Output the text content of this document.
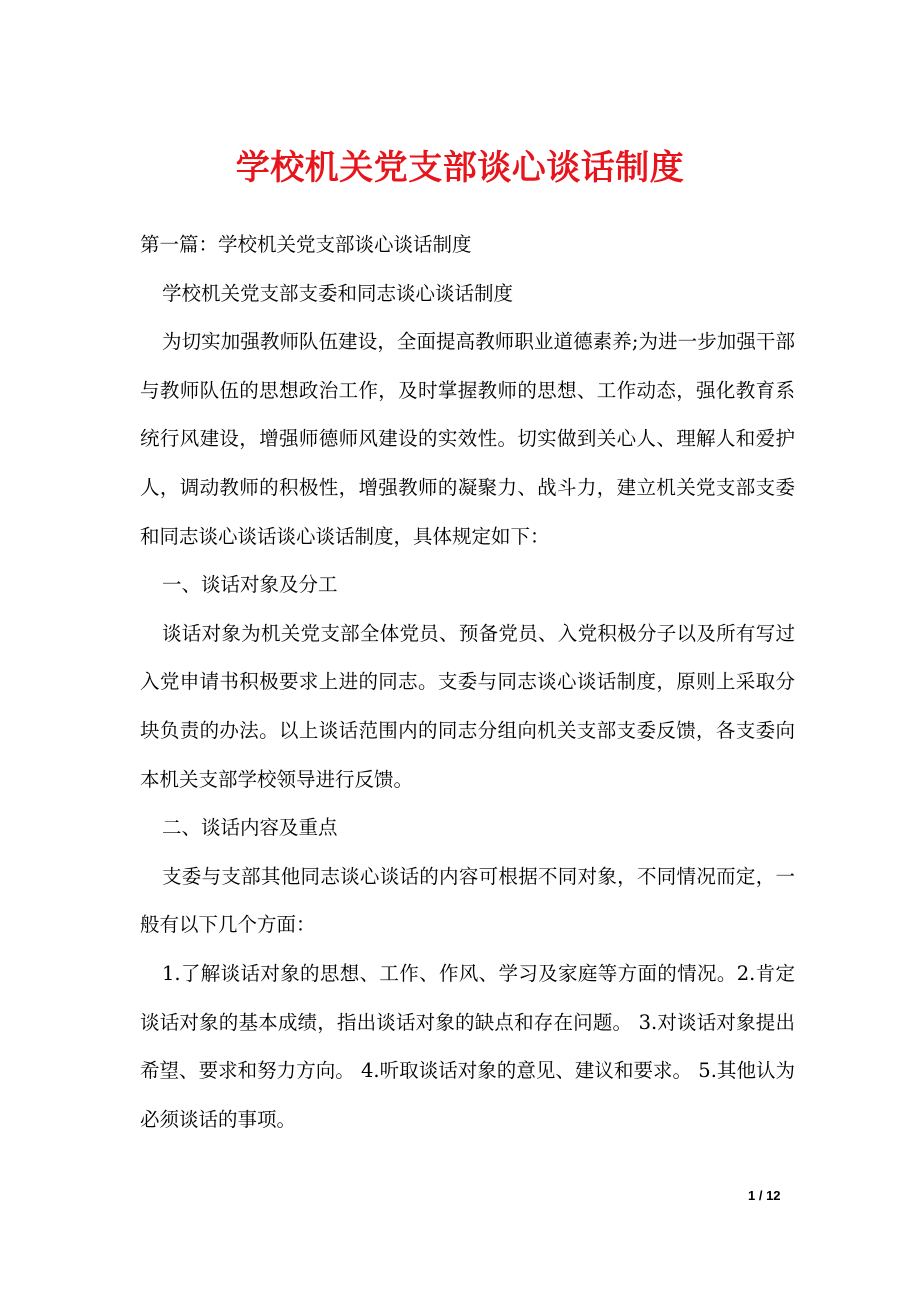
学校机关党支部谈心谈话制度

第一篇：学校机关党支部谈心谈话制度

学校机关党支部支委和同志谈心谈话制度

为切实加强教师队伍建设，全面提高教师职业道德素养;为进一步加强干部与教师队伍的思想政治工作，及时掌握教师的思想、工作动态，强化教育系统行风建设，增强师德师风建设的实效性。切实做到关心人、理解人和爱护人，调动教师的积极性，增强教师的凝聚力、战斗力，建立机关党支部支委和同志谈心谈话谈心谈话制度，具体规定如下：

一、谈话对象及分工

谈话对象为机关党支部全体党员、预备党员、入党积极分子以及所有写过入党申请书积极要求上进的同志。支委与同志谈心谈话制度，原则上采取分块负责的办法。以上谈话范围内的同志分组向机关支部支委反馈，各支委向本机关支部学校领导进行反馈。

二、谈话内容及重点

支委与支部其他同志谈心谈话的内容可根据不同对象，不同情况而定，一般有以下几个方面：

1.了解谈话对象的思想、工作、作风、学习及家庭等方面的情况。2.肯定谈话对象的基本成绩，指出谈话对象的缺点和存在问题。 3.对谈话对象提出希望、要求和努力方向。 4.听取谈话对象的意见、建议和要求。 5.其他认为必须谈话的事项。

1 / 12
